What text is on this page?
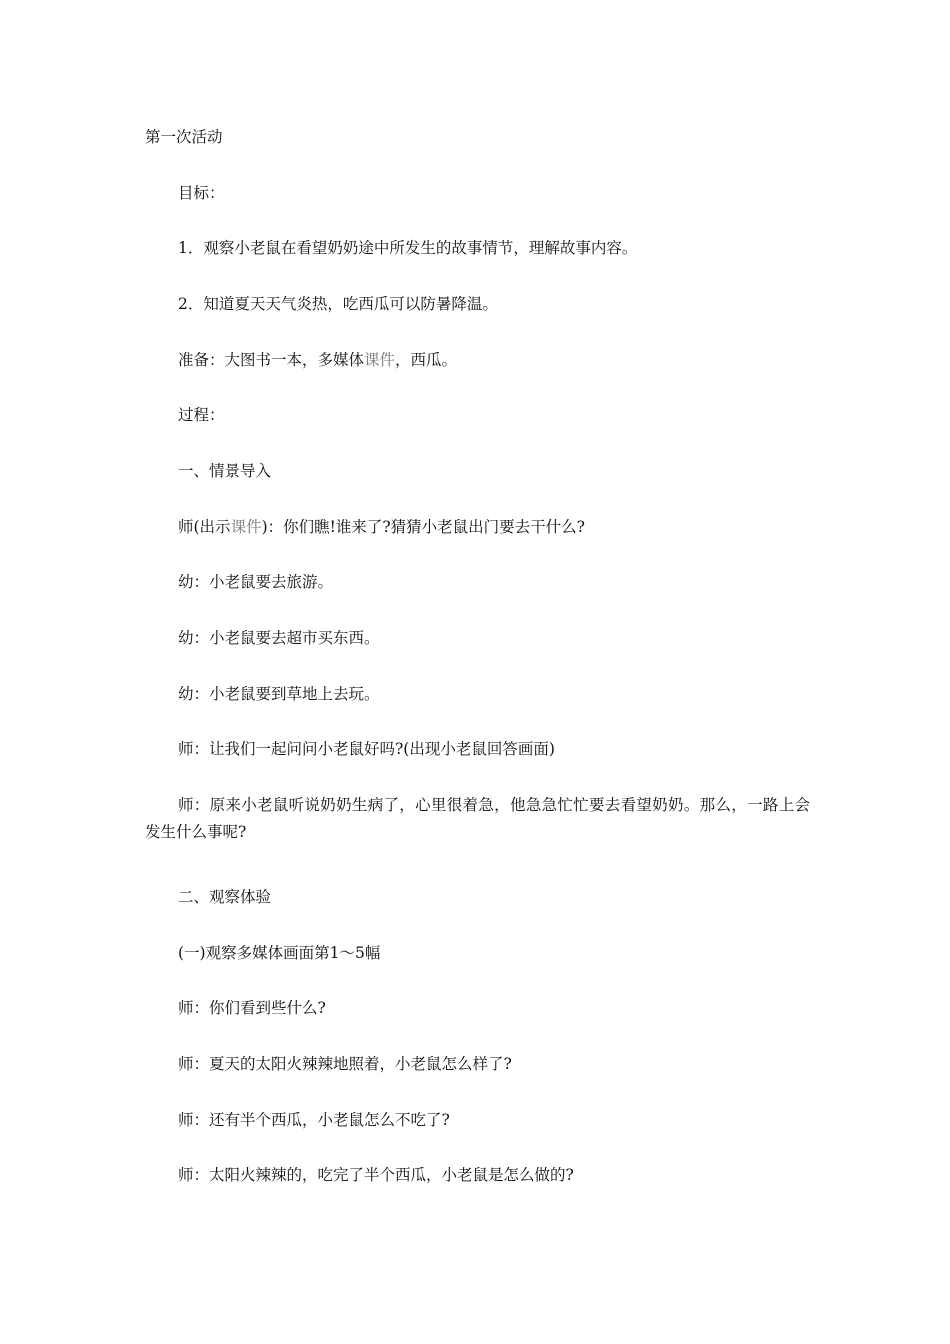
第一次活动

目标：

1．观察小老鼠在看望奶奶途中所发生的故事情节，理解故事内容。

2．知道夏天天气炎热，吃西瓜可以防暑降温。

准备：大图书一本，多媒体课件，西瓜。

过程：

一、情景导入

师(出示课件)：你们瞧!谁来了?猜猜小老鼠出门要去干什么?

幼：小老鼠要去旅游。

幼：小老鼠要去超市买东西。

幼：小老鼠要到草地上去玩。

师：让我们一起问问小老鼠好吗?(出现小老鼠回答画面)

师：原来小老鼠听说奶奶生病了，心里很着急，他急急忙忙要去看望奶奶。那么，一路上会发生什么事呢?

二、观察体验

(一)观察多媒体画面第1～5幅

师：你们看到些什么?

师：夏天的太阳火辣辣地照着，小老鼠怎么样了?

师：还有半个西瓜，小老鼠怎么不吃了?

师：太阳火辣辣的，吃完了半个西瓜，小老鼠是怎么做的?
